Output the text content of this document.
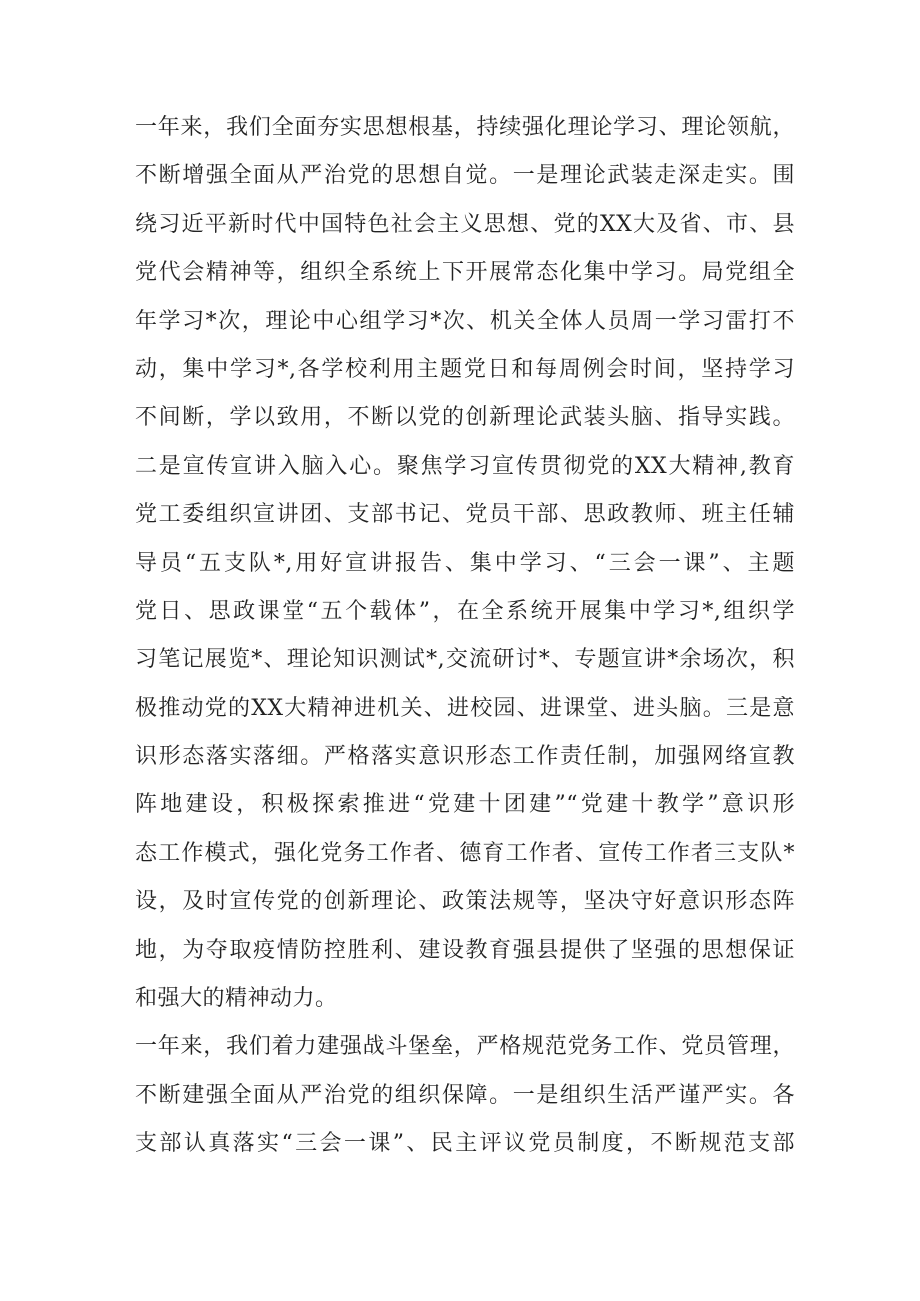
一年来，我们全面夯实思想根基，持续强化理论学习、理论领航，
不断增强全面从严治党的思想自觉。一是理论武装走深走实。围
绕习近平新时代中国特色社会主义思想、党的XX大及省、市、县
党代会精神等，组织全系统上下开展常态化集中学习。局党组全
年学习*次，理论中心组学习*次、机关全体人员周一学习雷打不
动，集中学习*,各学校利用主题党日和每周例会时间，坚持学习
不间断，学以致用，不断以党的创新理论武装头脑、指导实践。
二是宣传宣讲入脑入心。聚焦学习宣传贯彻党的XX大精神,教育
党工委组织宣讲团、支部书记、党员干部、思政教师、班主任辅
导员“五支队*,用好宣讲报告、集中学习、“三会一课”、主题
党日、思政课堂“五个载体”，在全系统开展集中学习*,组织学
习笔记展览*、理论知识测试*,交流研讨*、专题宣讲*余场次，积
极推动党的XX大精神进机关、进校园、进课堂、进头脑。三是意
识形态落实落细。严格落实意识形态工作责任制，加强网络宣教
阵地建设，积极探索推进“党建十团建”“党建十教学”意识形
态工作模式，强化党务工作者、德育工作者、宣传工作者三支队*
设，及时宣传党的创新理论、政策法规等，坚决守好意识形态阵
地，为夺取疫情防控胜利、建设教育强县提供了坚强的思想保证
和强大的精神动力。
一年来，我们着力建强战斗堡垒，严格规范党务工作、党员管理，
不断建强全面从严治党的组织保障。一是组织生活严谨严实。各
支部认真落实“三会一课”、民主评议党员制度，不断规范支部
